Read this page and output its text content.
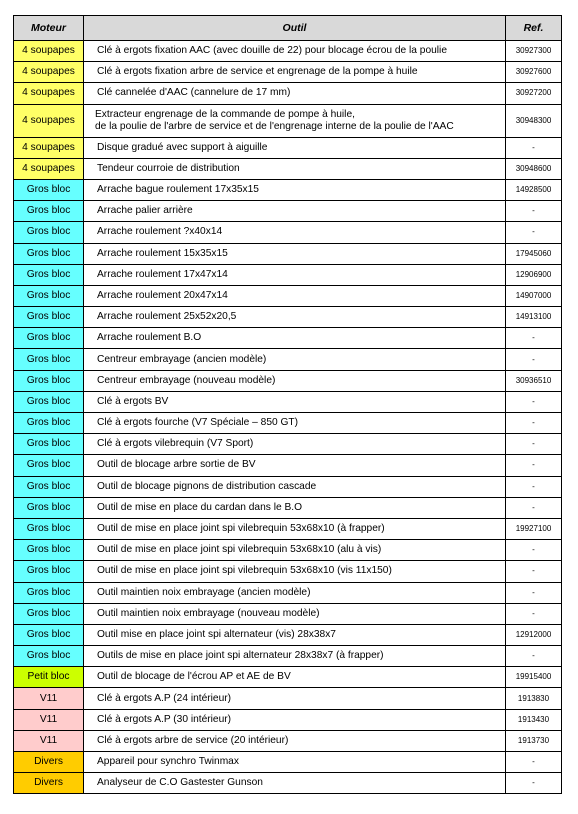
Moteur	Outil	Ref.
4 soupapes	Clé à ergots fixation AAC (avec douille de 22) pour blocage écrou de la poulie	30927300
4 soupapes	Clé à ergots fixation arbre de service et engrenage de la pompe à huile	30927600
4 soupapes	Clé cannelée d'AAC (cannelure de 17 mm)	30927200
4 soupapes	Extracteur engrenage de la commande de pompe à huile,
de la poulie de l'arbre de service et de l'engrenage interne de la poulie de l'AAC	30948300
4 soupapes	Disque gradué avec support à aiguille	-
4 soupapes	Tendeur courroie de distribution	30948600
Gros bloc	Arrache bague roulement 17x35x15	14928500
Gros bloc	Arrache palier arrière	-
Gros bloc	Arrache roulement ?x40x14	-
Gros bloc	Arrache roulement 15x35x15	17945060
Gros bloc	Arrache roulement 17x47x14	12906900
Gros bloc	Arrache roulement 20x47x14	14907000
Gros bloc	Arrache roulement 25x52x20,5	14913100
Gros bloc	Arrache roulement B.O	-
Gros bloc	Centreur embrayage (ancien modèle)	-
Gros bloc	Centreur embrayage (nouveau modèle)	30936510
Gros bloc	Clé à ergots BV	-
Gros bloc	Clé à ergots fourche (V7 Spéciale – 850 GT)	-
Gros bloc	Clé à ergots vilebrequin (V7 Sport)	-
Gros bloc	Outil de blocage arbre sortie de BV	-
Gros bloc	Outil de blocage pignons de distribution cascade	-
Gros bloc	Outil de mise en place du cardan dans le B.O	-
Gros bloc	Outil de mise en place joint spi vilebrequin 53x68x10 (à frapper)	19927100
Gros bloc	Outil de mise en place joint spi vilebrequin 53x68x10 (alu à vis)	-
Gros bloc	Outil de mise en place joint spi vilebrequin 53x68x10 (vis 11x150)	-
Gros bloc	Outil maintien noix embrayage (ancien modèle)	-
Gros bloc	Outil maintien noix embrayage (nouveau modèle)	-
Gros bloc	Outil mise en place joint spi alternateur (vis) 28x38x7	12912000
Gros bloc	Outils de mise en place joint spi alternateur 28x38x7 (à frapper)	-
Petit bloc	Outil de blocage de l'écrou AP et AE de BV	19915400
V11	Clé à ergots A.P (24 intérieur)	1913830
V11	Clé à ergots A.P (30 intérieur)	1913430
V11	Clé à ergots arbre de service (20 intérieur)	1913730
Divers	Appareil pour synchro Twinmax	-
Divers	Analyseur de C.O Gastester Gunson	-
